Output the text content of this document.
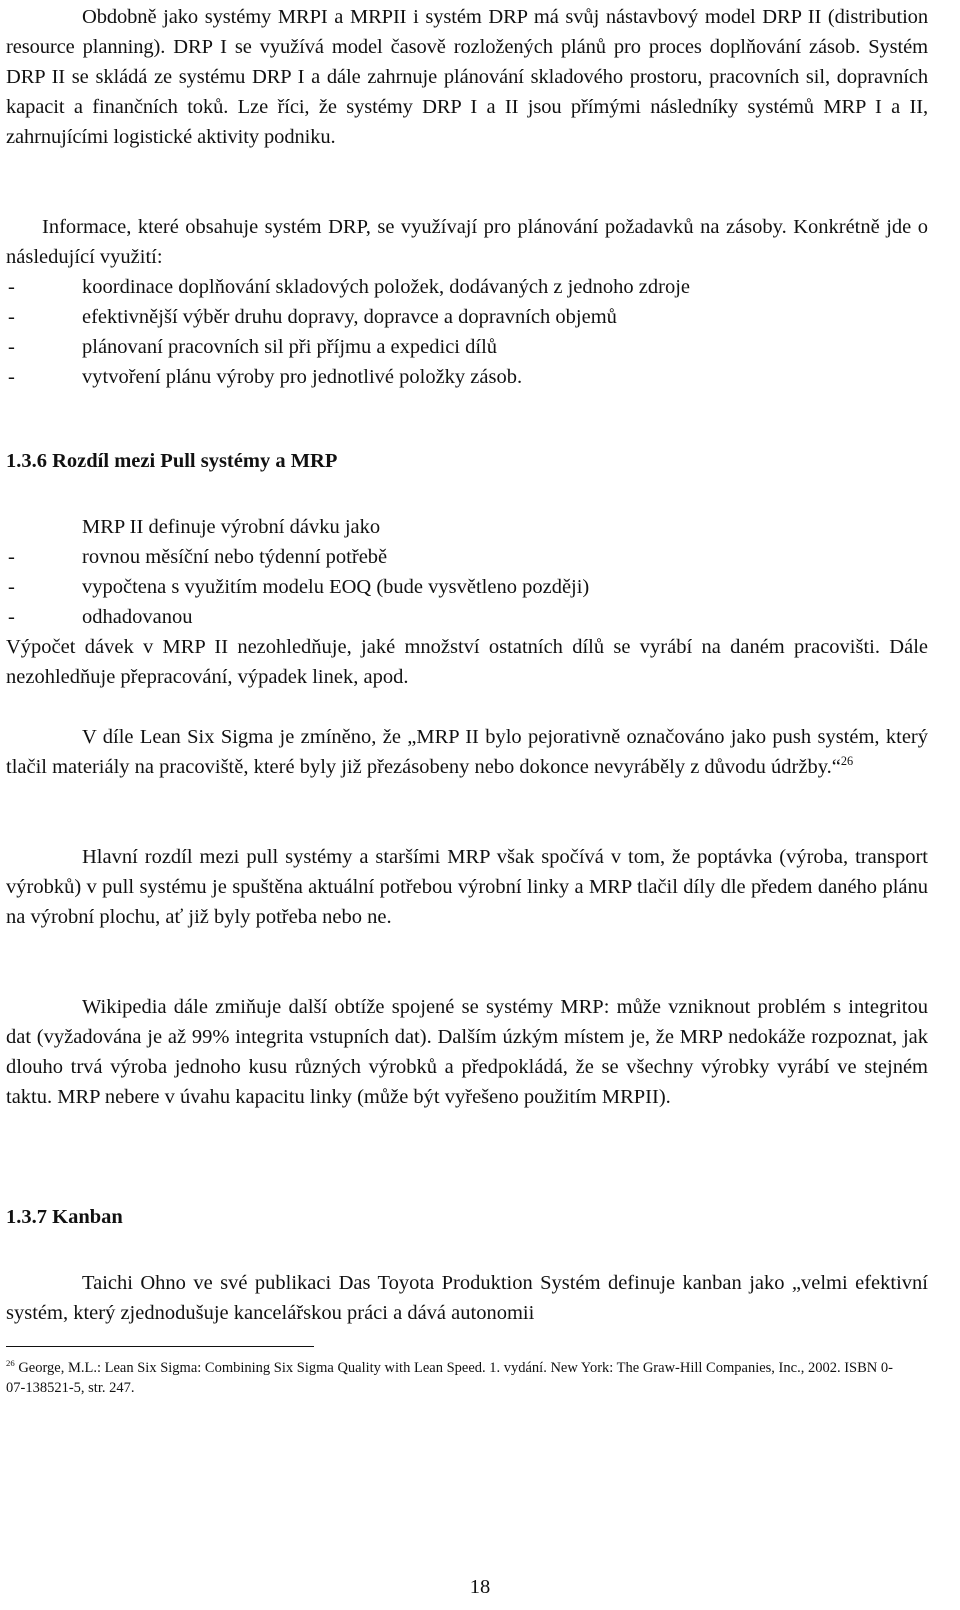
Obdobně jako systémy MRPI a MRPII i systém DRP má svůj nástavbový model DRP II (distribution resource planning). DRP I se využívá model časově rozložených plánů pro proces doplňování zásob. Systém DRP II se skládá ze systému DRP I a dále zahrnuje plánování skladového prostoru, pracovních sil, dopravních kapacit a finančních toků. Lze říci, že systémy DRP I a II jsou přímými následníky systémů MRP I a II, zahrnujícími logistické aktivity podniku.

Informace, které obsahuje systém DRP, se využívají pro plánování požadavků na zásoby. Konkrétně jde o následující využití:

-	koordinace doplňování skladových položek, dodávaných z jednoho zdroje
-	efektivnější výběr druhu dopravy, dopravce a dopravních objemů
-	plánovaní pracovních sil při příjmu a expedici dílů
-	vytvoření plánu výroby pro jednotlivé položky zásob.
1.3.6 Rozdíl mezi Pull systémy a MRP

MRP II definuje výrobní dávku jako

-	rovnou měsíční nebo týdenní potřebě
-	vypočtena s využitím modelu EOQ (bude vysvětleno později)
-	odhadovanou

Výpočet dávek v MRP II nezohledňuje, jaké množství ostatních dílů se vyrábí na daném pracovišti. Dále nezohledňuje přepracování, výpadek linek, apod.

V díle Lean Six Sigma je zmíněno, že „MRP II bylo pejorativně označováno jako push systém, který tlačil materiály na pracoviště, které byly již přezásobeny nebo dokonce nevyráběly z důvodu údržby.“$^{26}$

Hlavní rozdíl mezi pull systémy a staršími MRP však spočívá v tom, že poptávka (výroba, transport výrobků) v pull systému je spuštěna aktuální potřebou výrobní linky a MRP tlačil díly dle předem daného plánu na výrobní plochu, ať již byly potřeba nebo ne.

Wikipedia dále zmiňuje další obtíže spojené se systémy MRP: může vzniknout problém s integritou dat (vyžadována je až 99% integrita vstupních dat). Dalším úzkým místem je, že MRP nedokáže rozpoznat, jak dlouho trvá výroba jednoho kusu různých výrobků a předpokládá, že se všechny výrobky vyrábí ve stejném taktu. MRP nebere v úvahu kapacitu linky (může být vyřešeno použitím MRPII).

1.3.7 Kanban

Taichi Ohno ve své publikaci Das Toyota Produktion Systém definuje kanban jako „velmi efektivní systém, který zjednodušuje kancelářskou práci a dává autonomii

$^{26}$ George, M.L.: Lean Six Sigma: Combining Six Sigma Quality with Lean Speed. 1. vydání. New York: The Graw-Hill Companies, Inc., 2002. ISBN 0-07-138521-5, str. 247.

18
